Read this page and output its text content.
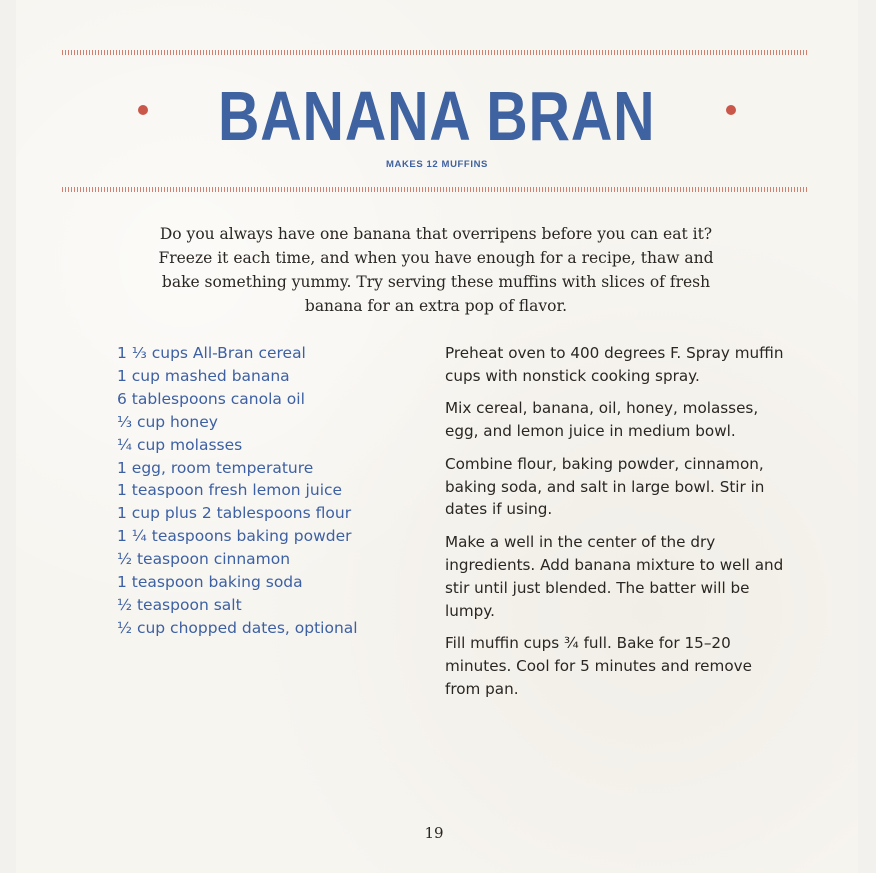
BANANA BRAN
MAKES 12 MUFFINS
Do you always have one banana that overripens before you can eat it? Freeze it each time, and when you have enough for a recipe, thaw and bake something yummy. Try serving these muffins with slices of fresh banana for an extra pop of flavor.
1 ⅓ cups All-Bran cereal
1 cup mashed banana
6 tablespoons canola oil
⅓ cup honey
¼ cup molasses
1 egg, room temperature
1 teaspoon fresh lemon juice
1 cup plus 2 tablespoons flour
1 ¼ teaspoons baking powder
½ teaspoon cinnamon
1 teaspoon baking soda
½ teaspoon salt
½ cup chopped dates, optional

Preheat oven to 400 degrees F. Spray muffin cups with nonstick cooking spray.

Mix cereal, banana, oil, honey, molasses, egg, and lemon juice in medium bowl.

Combine flour, baking powder, cinnamon, baking soda, and salt in large bowl. Stir in dates if using.

Make a well in the center of the dry ingredients. Add banana mixture to well and stir until just blended. The batter will be lumpy.

Fill muffin cups ¾ full. Bake for 15–20 minutes. Cool for 5 minutes and remove from pan.

19
